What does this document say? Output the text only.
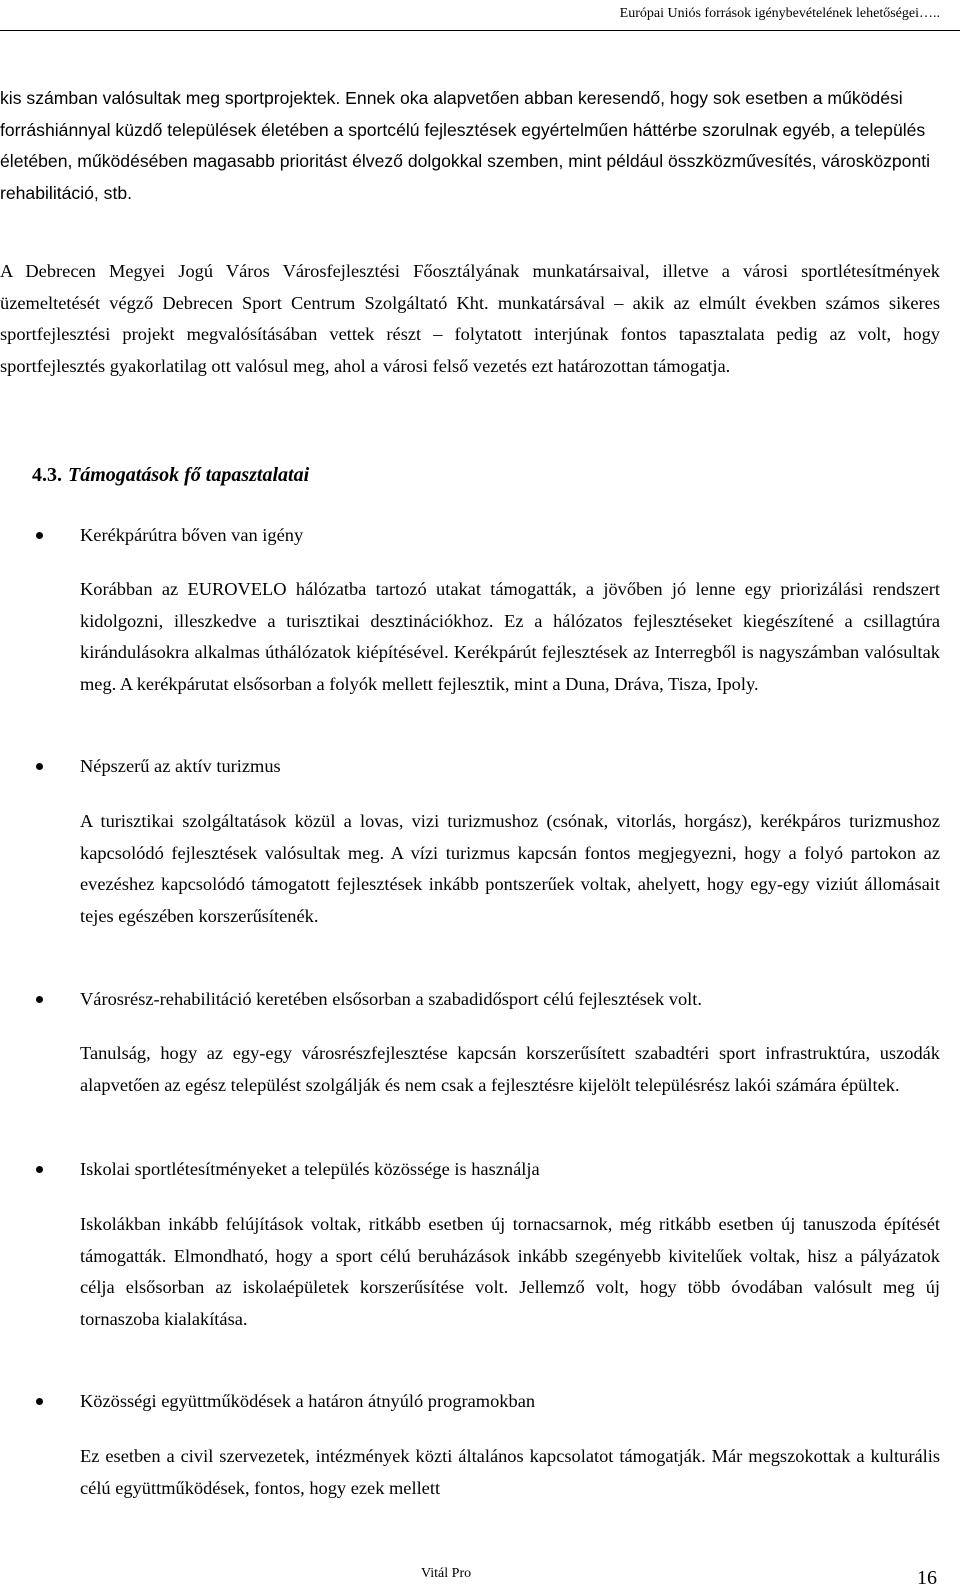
Európai Uniós források igénybevételének lehetőségei…..

kis számban valósultak meg sportprojektek. Ennek oka alapvetően abban keresendő, hogy sok esetben a működési forráshiánnyal küzdő települések életében a sportcélú fejlesztések egyértelműen háttérbe szorulnak egyéb, a település életében, működésében magasabb prioritást élvező dolgokkal szemben, mint például összközművesítés, városközponti rehabilitáció, stb.

A Debrecen Megyei Jogú Város Városfejlesztési Főosztályának munkatársaival, illetve a városi sportlétesítmények üzemeltetését végző Debrecen Sport Centrum Szolgáltató Kht. munkatársával – akik az elmúlt években számos sikeres sportfejlesztési projekt megvalósításában vettek részt – folytatott interjúnak fontos tapasztalata pedig az volt, hogy sportfejlesztés gyakorlatilag ott valósul meg, ahol a városi felső vezetés ezt határozottan támogatja.

4.3. Támogatások fő tapasztalatai
Kerékpárútra bőven van igény

Korábban az EUROVELO hálózatba tartozó utakat támogatták, a jövőben jó lenne egy priorizálási rendszert kidolgozni, illeszkedve a turisztikai desztinációkhoz. Ez a hálózatos fejlesztéseket kiegészítené a csillagtúra kirándulásokra alkalmas úthálózatok kiépítésével. Kerékpárút fejlesztések az Interregből is nagyszámban valósultak meg. A kerékpárutat elsősorban a folyók mellett fejlesztik, mint a Duna, Dráva, Tisza, Ipoly.

Népszerű az aktív turizmus

A turisztikai szolgáltatások közül a lovas, vizi turizmushoz (csónak, vitorlás, horgász), kerékpáros turizmushoz kapcsolódó fejlesztések valósultak meg. A vízi turizmus kapcsán fontos megjegyezni, hogy a folyó partokon az evezéshez kapcsolódó támogatott fejlesztések inkább pontszerűek voltak, ahelyett, hogy egy-egy viziút állomásait tejes egészében korszerűsítenék.

Városrész-rehabilitáció keretében elsősorban a szabadidősport célú fejlesztések volt.

Tanulság, hogy az egy-egy városrészfejlesztése kapcsán korszerűsített szabadtéri sport infrastruktúra, uszodák alapvetően az egész települést szolgálják és nem csak a fejlesztésre kijelölt településrész lakói számára épültek.

Iskolai sportlétesítményeket a település közössége is használja

Iskolákban inkább felújítások voltak, ritkább esetben új tornacsarnok, még ritkább esetben új tanuszoda építését támogatták. Elmondható, hogy a sport célú beruházások inkább szegényebb kivitelűek voltak, hisz a pályázatok célja elsősorban az iskolaépületek korszerűsítése volt. Jellemző volt, hogy több óvodában valósult meg új tornaszoba kialakítása.

Közösségi együttműködések a határon átnyúló programokban

Ez esetben a civil szervezetek, intézmények közti általános kapcsolatot támogatják. Már megszokottak a kulturális célú együttműködések, fontos, hogy ezek mellett

Vitál Pro	16
